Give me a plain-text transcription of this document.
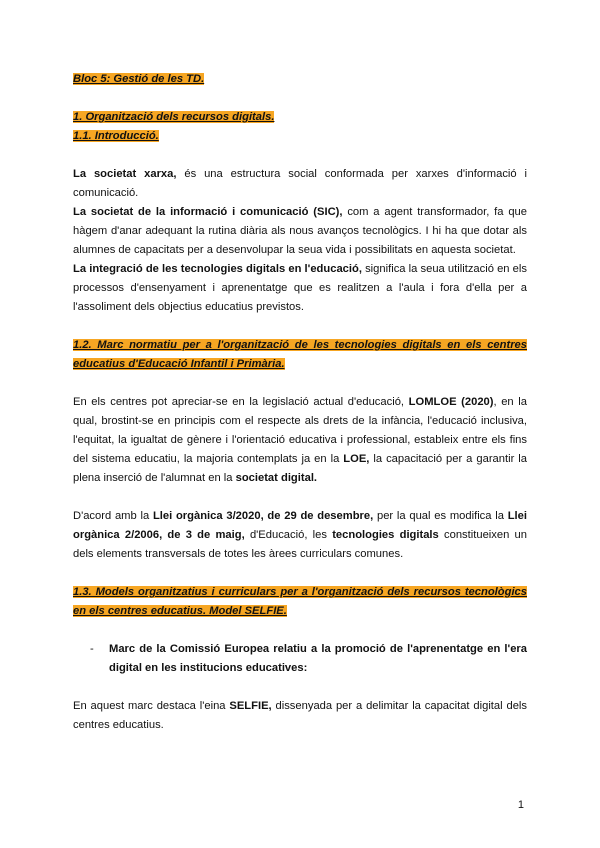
Bloc 5: Gestió de les TD.
1. Organització dels recursos digitals.
1.1. Introducció.

La societat xarxa, és una estructura social conformada per xarxes d'informació i comunicació.

La societat de la informació i comunicació (SIC), com a agent transformador, fa que hàgem d'anar adequant la rutina diària als nous avanços tecnològics. I hi ha que dotar als alumnes de capacitats per a desenvolupar la seua vida i possibilitats en aquesta societat.

La integració de les tecnologies digitals en l'educació, significa la seua utilització en els processos d'ensenyament i aprenentatge que es realitzen a l'aula i fora d'ella per a l'assoliment dels objectius educatius previstos.

1.2. Marc normatiu per a l'organització de les tecnologies digitals en els centres educatius d'Educació Infantil i Primària.

En els centres pot apreciar-se en la legislació actual d'educació, LOMLOE (2020), en la qual, brostint-se en principis com el respecte als drets de la infància, l'educació inclusiva, l'equitat, la igualtat de gènere i l'orientació educativa i professional, estableix entre els fins del sistema educatiu, la majoria contemplats ja en la LOE, la capacitació per a garantir la plena inserció de l'alumnat en la societat digital.

D'acord amb la Llei orgànica 3/2020, de 29 de desembre, per la qual es modifica la Llei orgànica 2/2006, de 3 de maig, d'Educació, les tecnologies digitals constitueixen un dels elements transversals de totes les àrees curriculars comunes.

1.3. Models organitzatius i curriculars per a l'organització dels recursos tecnològics en els centres educatius. Model SELFIE.

- Marc de la Comissió Europea relatiu a la promoció de l'aprenentatge en l'era digital en les institucions educatives:

En aquest marc destaca l'eina SELFIE, dissenyada per a delimitar la capacitat digital dels centres educatius.

1
